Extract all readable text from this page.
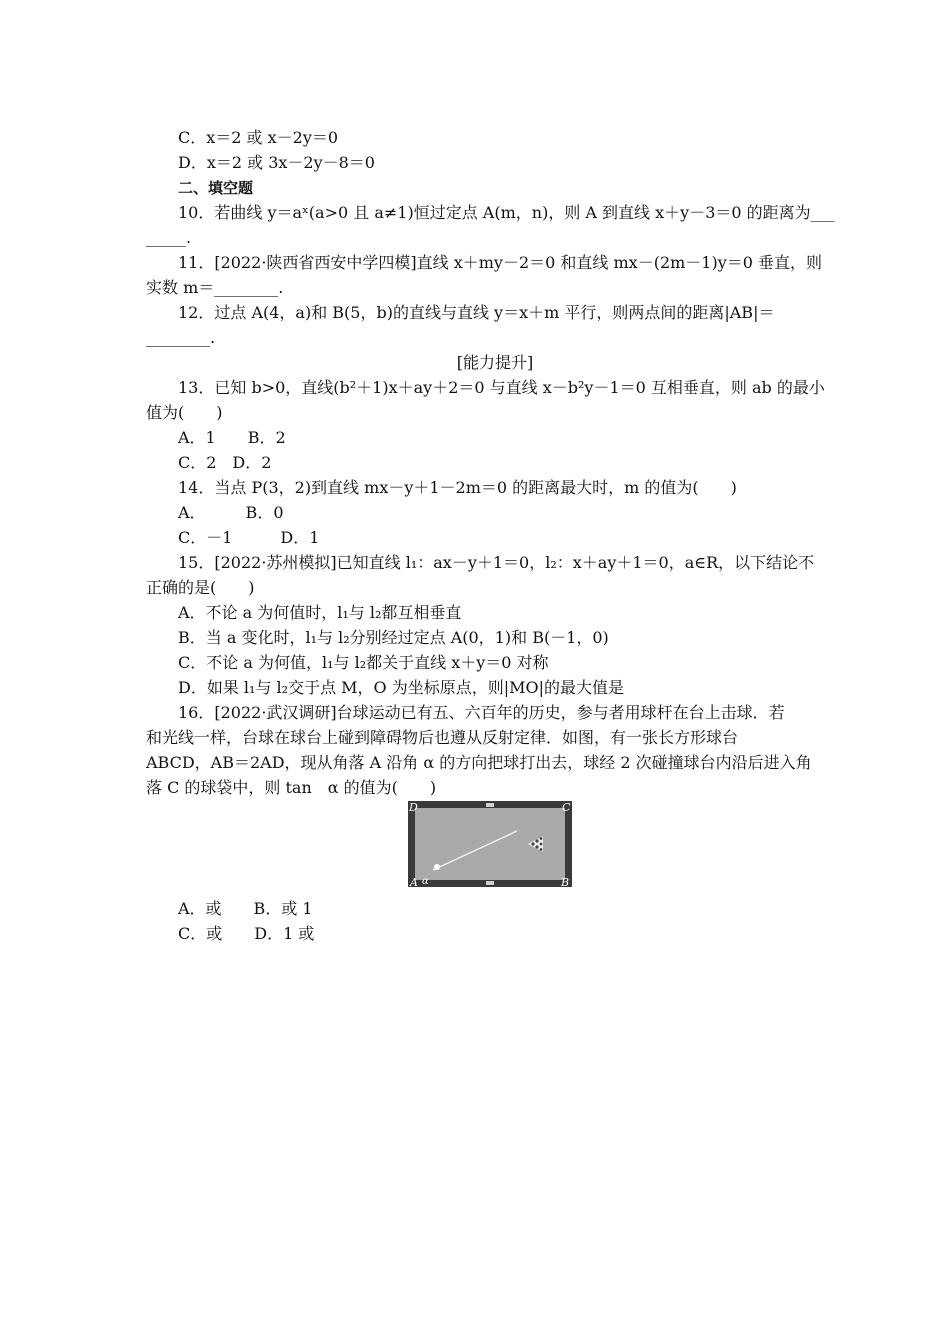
C．x＝2 或 x－2y＝0
D．x＝2 或 3x－2y－8＝0
二、填空题
10．若曲线 y＝aˣ(a>0 且 a≠1)恒过定点 A(m，n)，则 A 到直线 x＋y－3＝0 的距离为___
_____.
11．[2022·陕西省西安中学四模]直线 x＋my－2＝0 和直线 mx－(2m－1)y＝0 垂直，则
实数 m＝________.
12．过点 A(4，a)和 B(5，b)的直线与直线 y＝x＋m 平行，则两点间的距离|AB|＝
________.
[能力提升]
13．已知 b>0，直线(b²＋1)x＋ay＋2＝0 与直线 x－b²y－1＝0 互相垂直，则 ab 的最小
值为(　　)
A．1　　B．2
C．2　D．2
14．当点 P(3，2)到直线 mx－y＋1－2m＝0 的距离最大时，m 的值为(　　)
A．　　　B．0
C．－1　　　D．1
15．[2022·苏州模拟]已知直线 l₁：ax－y＋1＝0，l₂：x＋ay＋1＝0，a∈R，以下结论不
正确的是(　　)
A．不论 a 为何值时，l₁与 l₂都互相垂直
B．当 a 变化时，l₁与 l₂分别经过定点 A(0，1)和 B(－1，0)
C．不论 a 为何值，l₁与 l₂都关于直线 x＋y＝0 对称
D．如果 l₁与 l₂交于点 M，O 为坐标原点，则|MO|的最大值是
16．[2022·武汉调研]台球运动已有五、六百年的历史，参与者用球杆在台上击球．若
和光线一样，台球在球台上碰到障碍物后也遵从反射定律．如图，有一张长方形球台
ABCD，AB＝2AD，现从角落 A 沿角 α 的方向把球打出去，球经 2 次碰撞球台内沿后进入角
落 C 的球袋中，则 tan　α 的值为(　　)
D	C
A α	B
A．或　　B．或 1
C．或　　D．1 或
